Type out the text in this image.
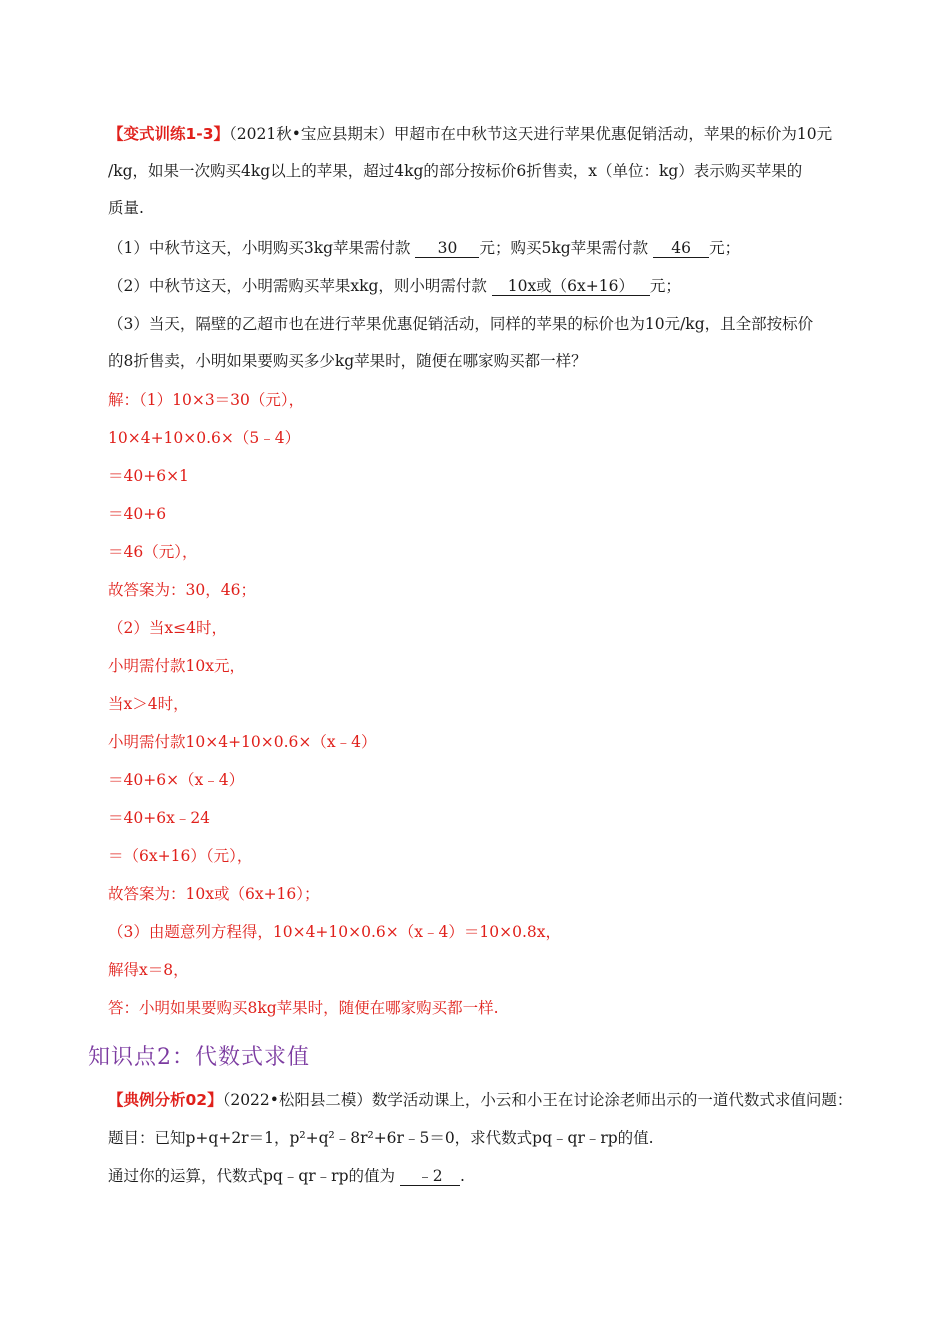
【变式训练1-3】（2021秋•宝应县期末）甲超市在中秋节这天进行苹果优惠促销活动，苹果的标价为10元
/kg，如果一次购买4kg以上的苹果，超过4kg的部分按标价6折售卖，x（单位：kg）表示购买苹果的
质量.
（1）中秋节这天，小明购买3kg苹果需付款 30 元；购买5kg苹果需付款 46 元；
（2）中秋节这天，小明需购买苹果xkg，则小明需付款 10x或（6x+16） 元；
（3）当天，隔壁的乙超市也在进行苹果优惠促销活动，同样的苹果的标价也为10元/kg，且全部按标价
的8折售卖，小明如果要购买多少kg苹果时，随便在哪家购买都一样？
解：（1）10×3＝30（元），
10×4+10×0.6×（5﹣4）
＝40+6×1
＝40+6
＝46（元），
故答案为：30，46；
（2）当x≤4时，
小明需付款10x元，
当x＞4时，
小明需付款10×4+10×0.6×（x﹣4）
＝40+6×（x﹣4）
＝40+6x﹣24
＝（6x+16）（元），
故答案为：10x或（6x+16）；
（3）由题意列方程得，10×4+10×0.6×（x﹣4）＝10×0.8x，
解得x＝8，
答：小明如果要购买8kg苹果时，随便在哪家购买都一样.
知识点2：代数式求值
【典例分析02】（2022•松阳县二模）数学活动课上，小云和小王在讨论涂老师出示的一道代数式求值问题：
题目：已知p+q+2r＝1，p²+q²﹣8r²+6r﹣5＝0，求代数式pq﹣qr﹣rp的值.
通过你的运算，代数式pq﹣qr﹣rp的值为 ﹣2 .
